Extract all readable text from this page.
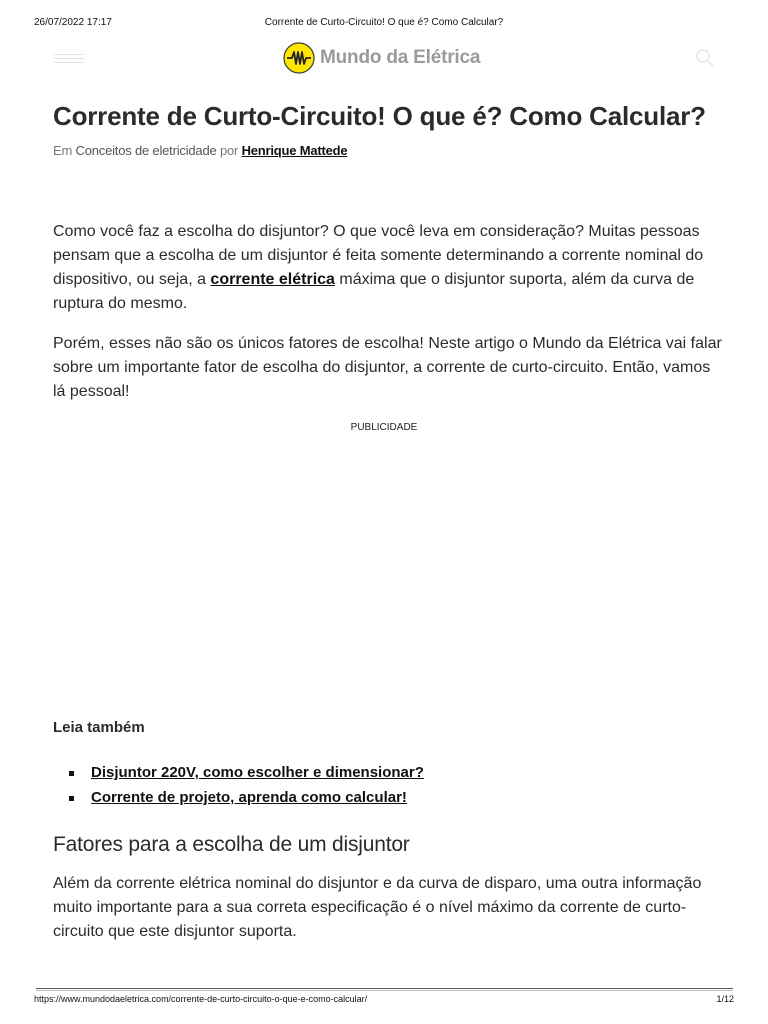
26/07/2022 17:17	Corrente de Curto-Circuito! O que é? Como Calcular?
Mundo da Elétrica
Corrente de Curto-Circuito! O que é? Como Calcular?
Em Conceitos de eletricidade por Henrique Mattede

Como você faz a escolha do disjuntor? O que você leva em consideração? Muitas pessoas pensam que a escolha de um disjuntor é feita somente determinando a corrente nominal do dispositivo, ou seja, a corrente elétrica máxima que o disjuntor suporta, além da curva de ruptura do mesmo.

Porém, esses não são os únicos fatores de escolha! Neste artigo o Mundo da Elétrica vai falar sobre um importante fator de escolha do disjuntor, a corrente de curto-circuito. Então, vamos lá pessoal!

PUBLICIDADE
Leia também
Disjuntor 220V, como escolher e dimensionar?
Corrente de projeto, aprenda como calcular!
Fatores para a escolha de um disjuntor

Além da corrente elétrica nominal do disjuntor e da curva de disparo, uma outra informação muito importante para a sua correta especificação é o nível máximo da corrente de curto-circuito que este disjuntor suporta.

https://www.mundodaeletrica.com/corrente-de-curto-circuito-o-que-e-como-calcular/	1/12
